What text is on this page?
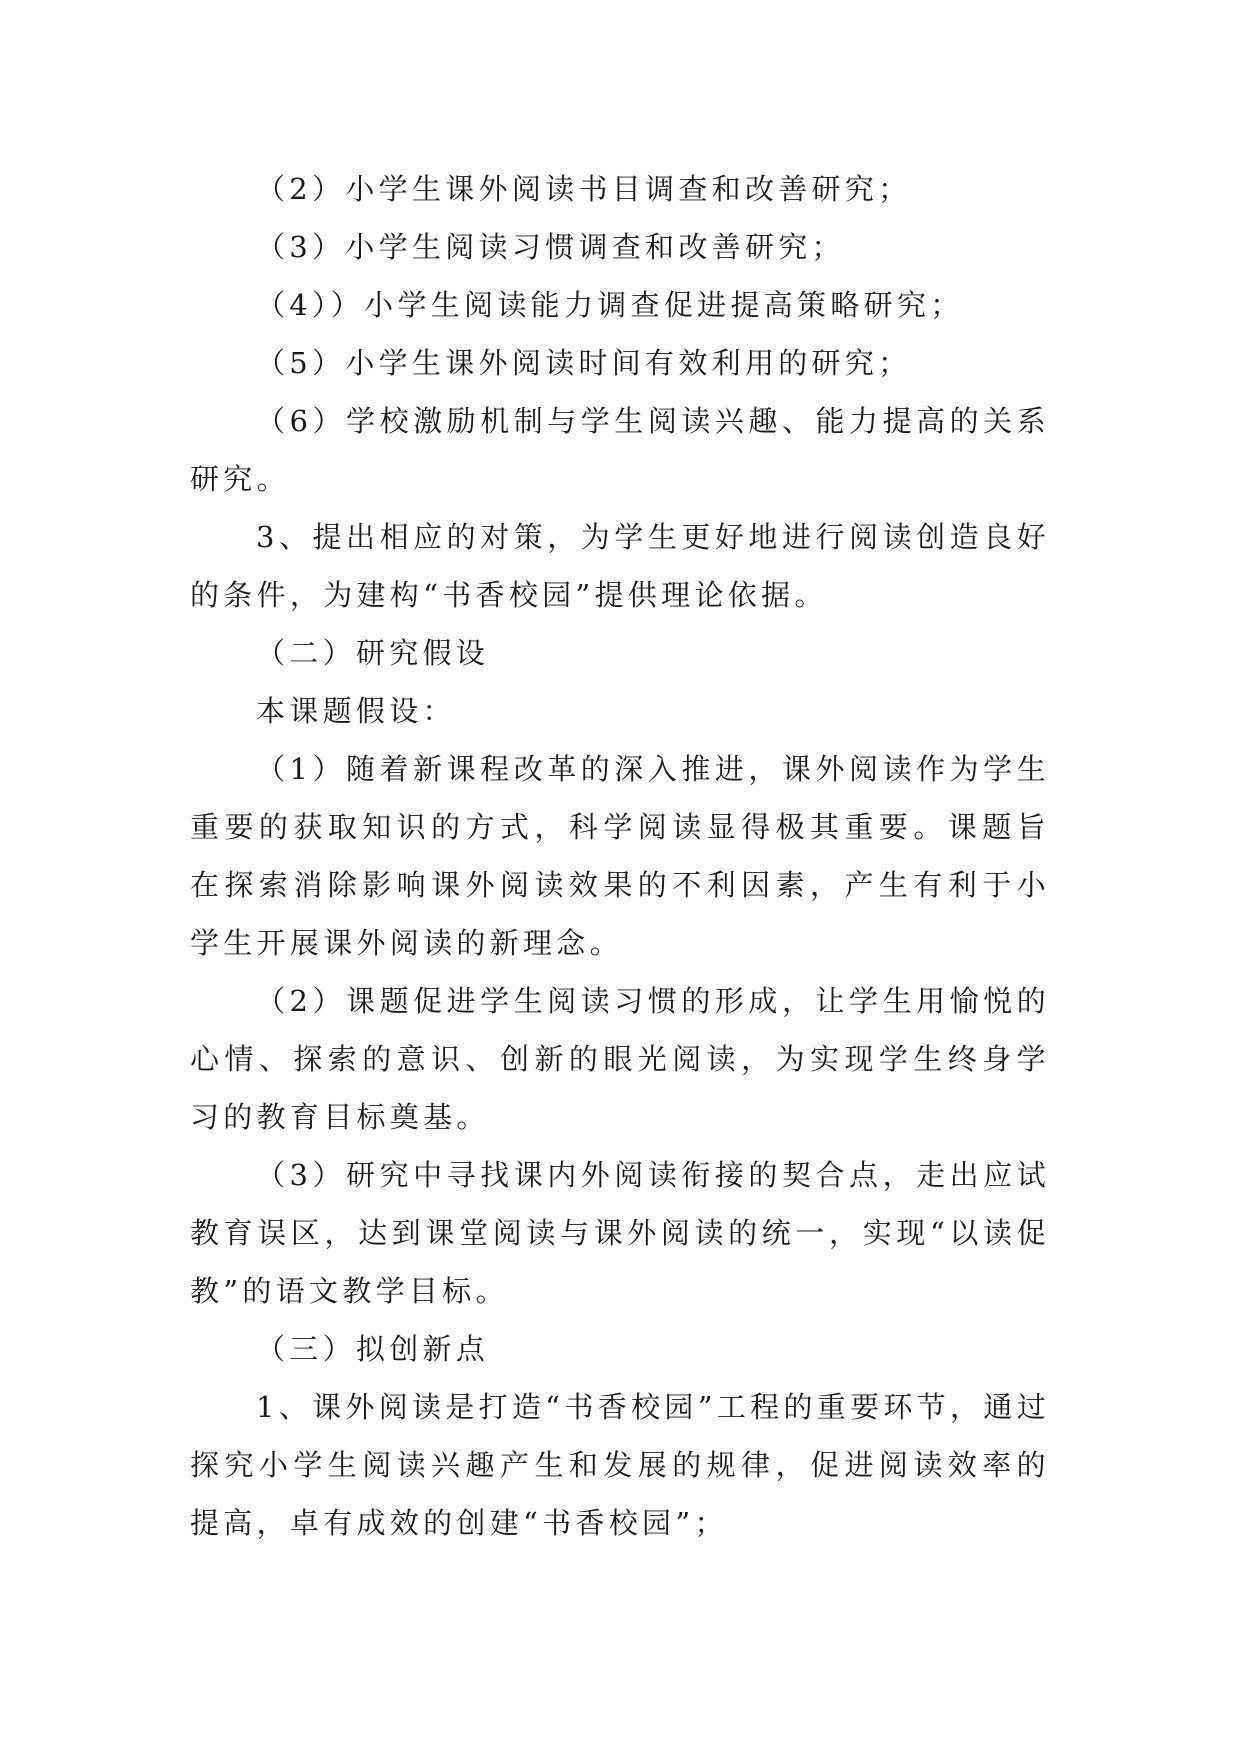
（2）小学生课外阅读书目调查和改善研究；

（3）小学生阅读习惯调查和改善研究；

（4））小学生阅读能力调查促进提高策略研究；

（5）小学生课外阅读时间有效利用的研究；

（6）学校激励机制与学生阅读兴趣、能力提高的关系研究。

3、提出相应的对策，为学生更好地进行阅读创造良好的条件，为建构“书香校园”提供理论依据。

（二）研究假设

本课题假设：

（1）随着新课程改革的深入推进，课外阅读作为学生重要的获取知识的方式，科学阅读显得极其重要。课题旨在探索消除影响课外阅读效果的不利因素，产生有利于小学生开展课外阅读的新理念。

（2）课题促进学生阅读习惯的形成，让学生用愉悦的心情、探索的意识、创新的眼光阅读，为实现学生终身学习的教育目标奠基。

（3）研究中寻找课内外阅读衔接的契合点，走出应试教育误区，达到课堂阅读与课外阅读的统一，实现“以读促教”的语文教学目标。

（三）拟创新点

1、课外阅读是打造“书香校园”工程的重要环节，通过探究小学生阅读兴趣产生和发展的规律，促进阅读效率的提高，卓有成效的创建“书香校园”；
